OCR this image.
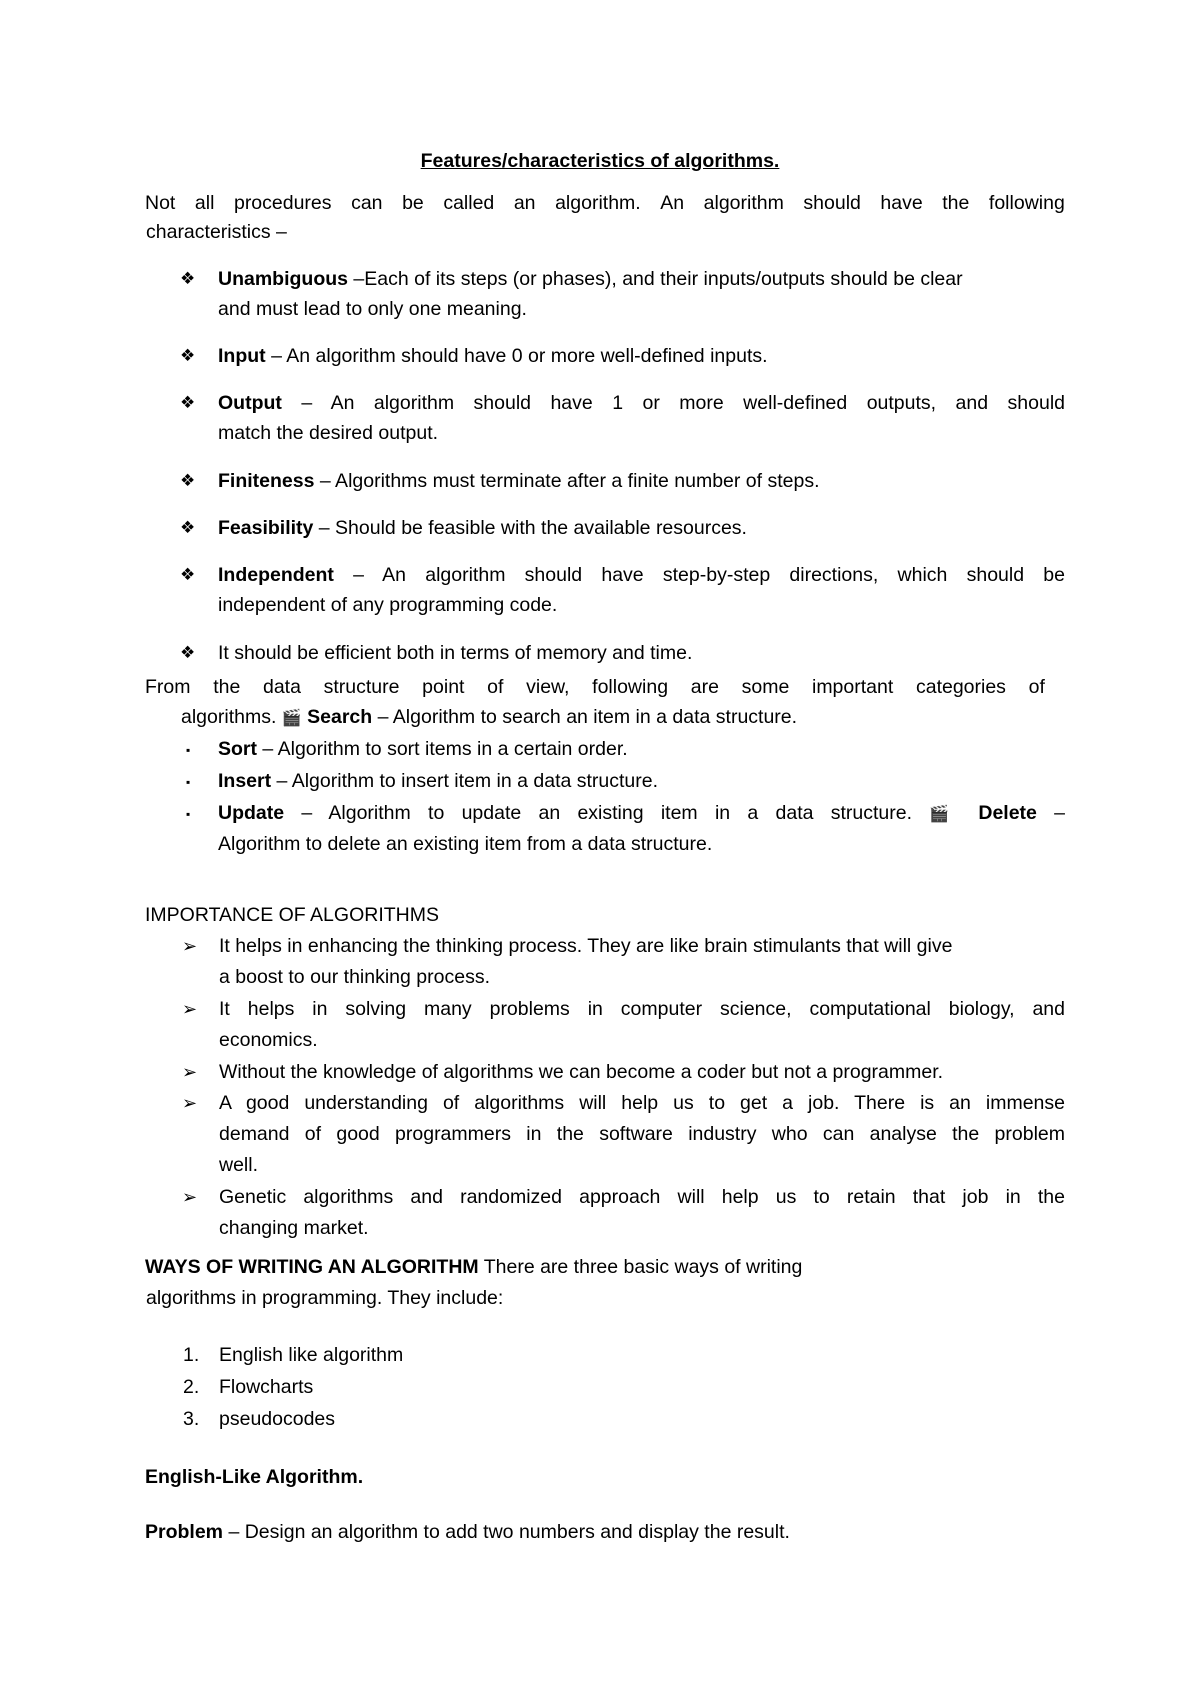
Features/characteristics of algorithms.
Not all procedures can be called an algorithm. An algorithm should have the following
characteristics –
❖ Unambiguous –Each of its steps (or phases), and their inputs/outputs should be clear
and must lead to only one meaning.
❖ Input – An algorithm should have 0 or more well-defined inputs.
❖ Output – An algorithm should have 1 or more well-defined outputs, and should
match the desired output.
❖ Finiteness – Algorithms must terminate after a finite number of steps.
❖ Feasibility – Should be feasible with the available resources.
❖ Independent – An algorithm should have step-by-step directions, which should be
independent of any programming code.
❖ It should be efficient both in terms of memory and time.
From the data structure point of view, following are some important categories of
algorithms. 🎬 Search – Algorithm to search an item in a data structure.
▪ Sort – Algorithm to sort items in a certain order.
▪ Insert – Algorithm to insert item in a data structure.
▪ Update – Algorithm to update an existing item in a data structure. 🎬 Delete –
Algorithm to delete an existing item from a data structure.
IMPORTANCE OF ALGORITHMS
➢ It helps in enhancing the thinking process. They are like brain stimulants that will give
a boost to our thinking process.
➢ It helps in solving many problems in computer science, computational biology, and
economics.
➢ Without the knowledge of algorithms we can become a coder but not a programmer.
➢ A good understanding of algorithms will help us to get a job. There is an immense
demand of good programmers in the software industry who can analyse the problem
well.
➢ Genetic algorithms and randomized approach will help us to retain that job in the
changing market.
WAYS OF WRITING AN ALGORITHM There are three basic ways of writing
algorithms in programming. They include:
1. English like algorithm
2. Flowcharts
3. pseudocodes
English-Like Algorithm.
Problem – Design an algorithm to add two numbers and display the result.
